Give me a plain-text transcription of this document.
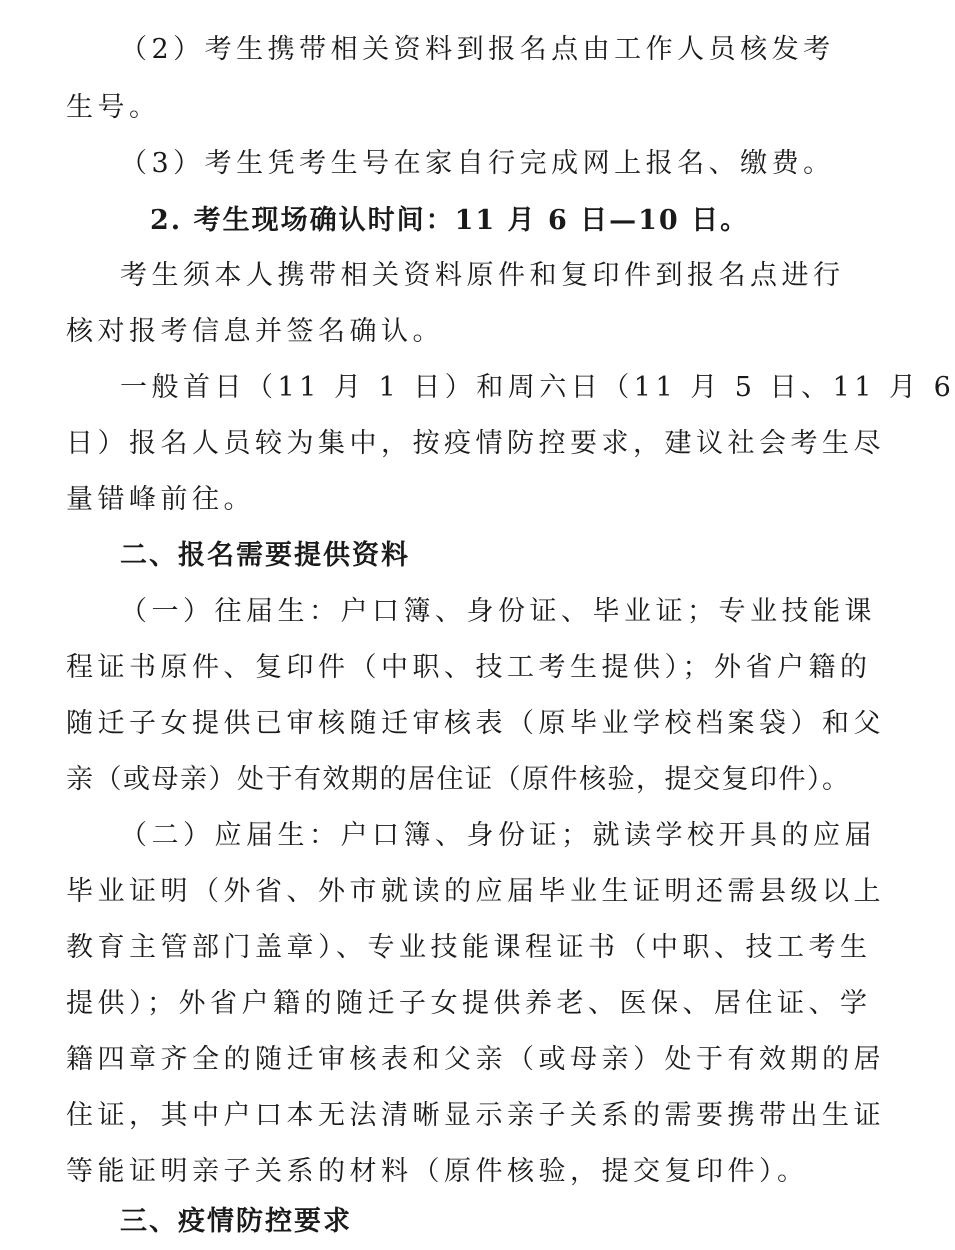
（2）考生携带相关资料到报名点由工作人员核发考
生号。
（3）考生凭考生号在家自行完成网上报名、缴费。
2. 考生现场确认时间：11 月 6 日—10 日。
考生须本人携带相关资料原件和复印件到报名点进行
核对报考信息并签名确认。
一般首日（11 月 1 日）和周六日（11 月 5 日、11 月 6
日）报名人员较为集中，按疫情防控要求，建议社会考生尽
量错峰前往。
二、报名需要提供资料
（一）往届生：户口簿、身份证、毕业证；专业技能课
程证书原件、复印件（中职、技工考生提供）；外省户籍的
随迁子女提供已审核随迁审核表（原毕业学校档案袋）和父
亲（或母亲）处于有效期的居住证（原件核验，提交复印件）。
（二）应届生：户口簿、身份证；就读学校开具的应届
毕业证明（外省、外市就读的应届毕业生证明还需县级以上
教育主管部门盖章）、专业技能课程证书（中职、技工考生
提供）；外省户籍的随迁子女提供养老、医保、居住证、学
籍四章齐全的随迁审核表和父亲（或母亲）处于有效期的居
住证，其中户口本无法清晰显示亲子关系的需要携带出生证
等能证明亲子关系的材料（原件核验，提交复印件）。
三、疫情防控要求
